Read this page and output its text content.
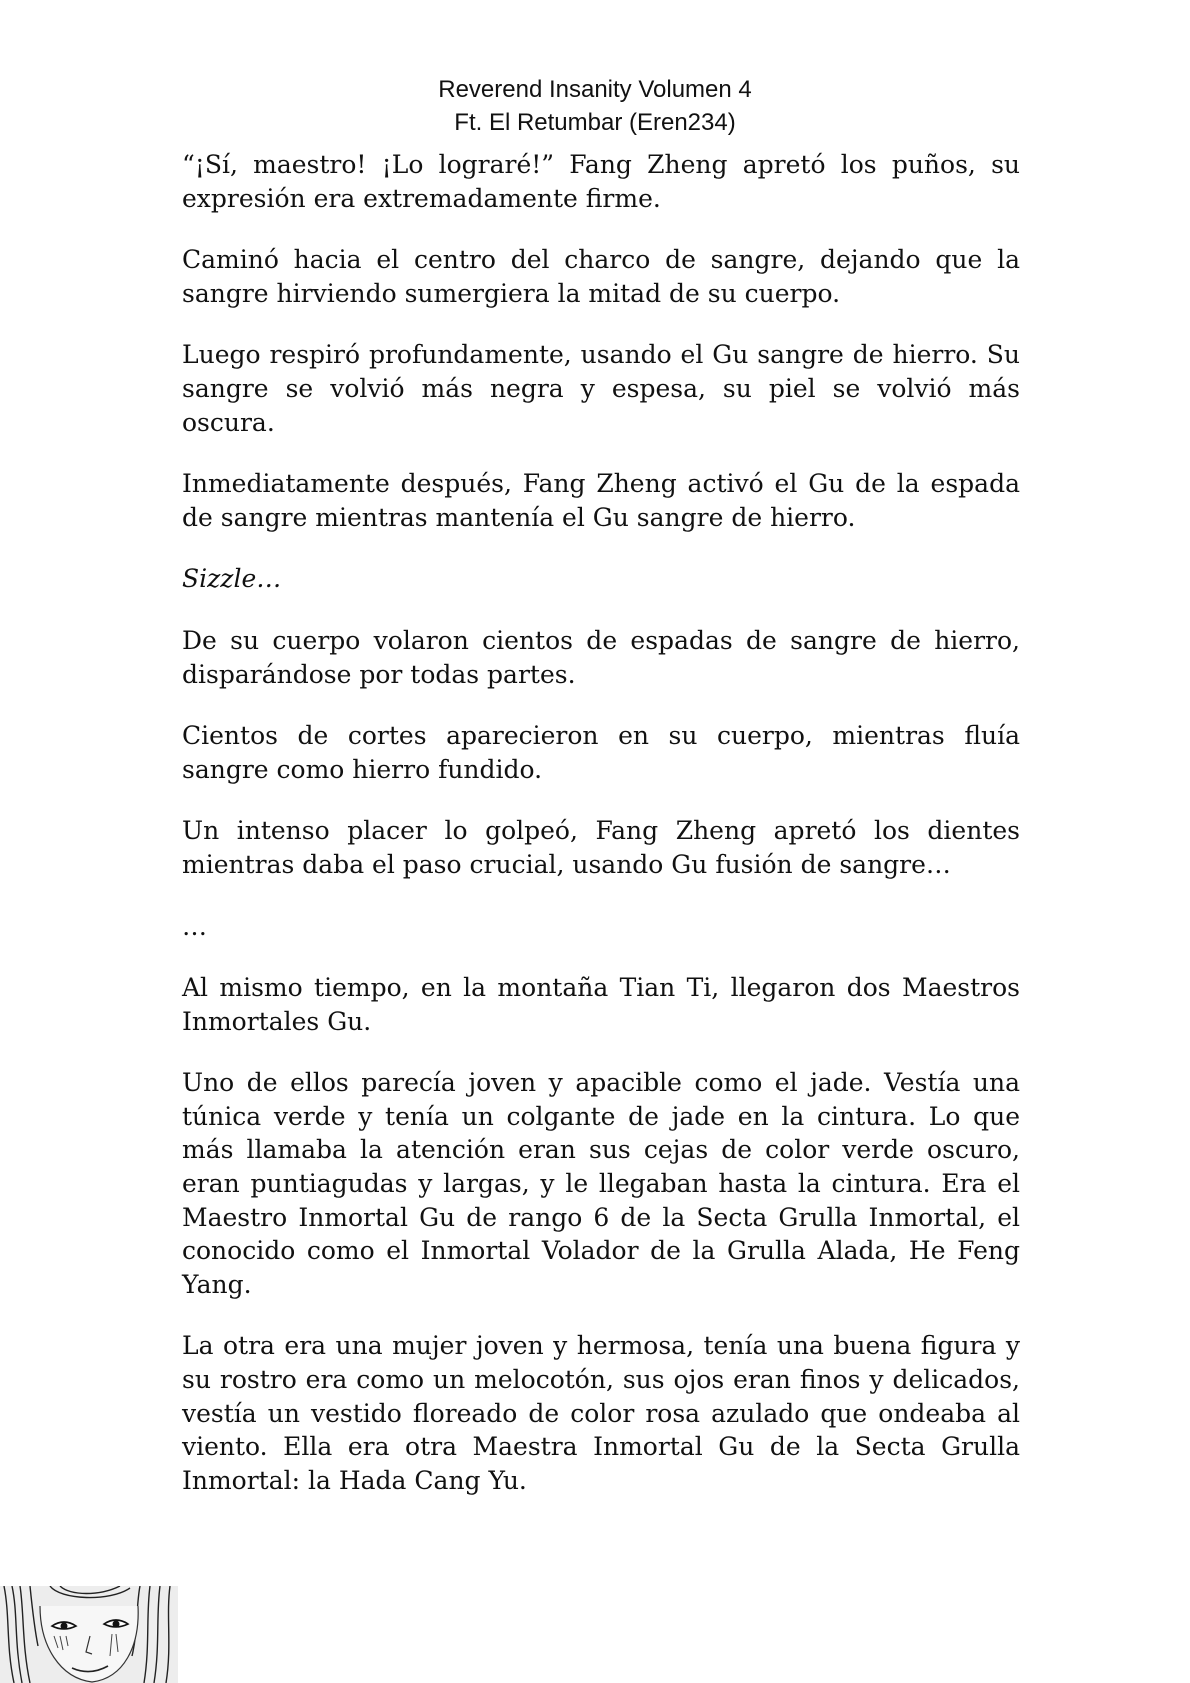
Reverend Insanity Volumen 4
Ft. El Retumbar (Eren234)

“¡Sí, maestro! ¡Lo lograré!” Fang Zheng apretó los puños, su expresión era extremadamente firme.

Caminó hacia el centro del charco de sangre, dejando que la sangre hirviendo sumergiera la mitad de su cuerpo.

Luego respiró profundamente, usando el Gu sangre de hierro. Su sangre se volvió más negra y espesa, su piel se volvió más oscura.

Inmediatamente después, Fang Zheng activó el Gu de la espada de sangre mientras mantenía el Gu sangre de hierro.

Sizzle…

De su cuerpo volaron cientos de espadas de sangre de hierro, disparándose por todas partes.

Cientos de cortes aparecieron en su cuerpo, mientras fluía sangre como hierro fundido.

Un intenso placer lo golpeó, Fang Zheng apretó los dientes mientras daba el paso crucial, usando Gu fusión de sangre…

…

Al mismo tiempo, en la montaña Tian Ti, llegaron dos Maestros Inmortales Gu.

Uno de ellos parecía joven y apacible como el jade. Vestía una túnica verde y tenía un colgante de jade en la cintura. Lo que más llamaba la atención eran sus cejas de color verde oscuro, eran puntiagudas y largas, y le llegaban hasta la cintura. Era el Maestro Inmortal Gu de rango 6 de la Secta Grulla Inmortal, el conocido como el Inmortal Volador de la Grulla Alada, He Feng Yang.

La otra era una mujer joven y hermosa, tenía una buena figura y su rostro era como un melocotón, sus ojos eran finos y delicados, vestía un vestido floreado de color rosa azulado que ondeaba al viento. Ella era otra Maestra Inmortal Gu de la Secta Grulla Inmortal: la Hada Cang Yu.
